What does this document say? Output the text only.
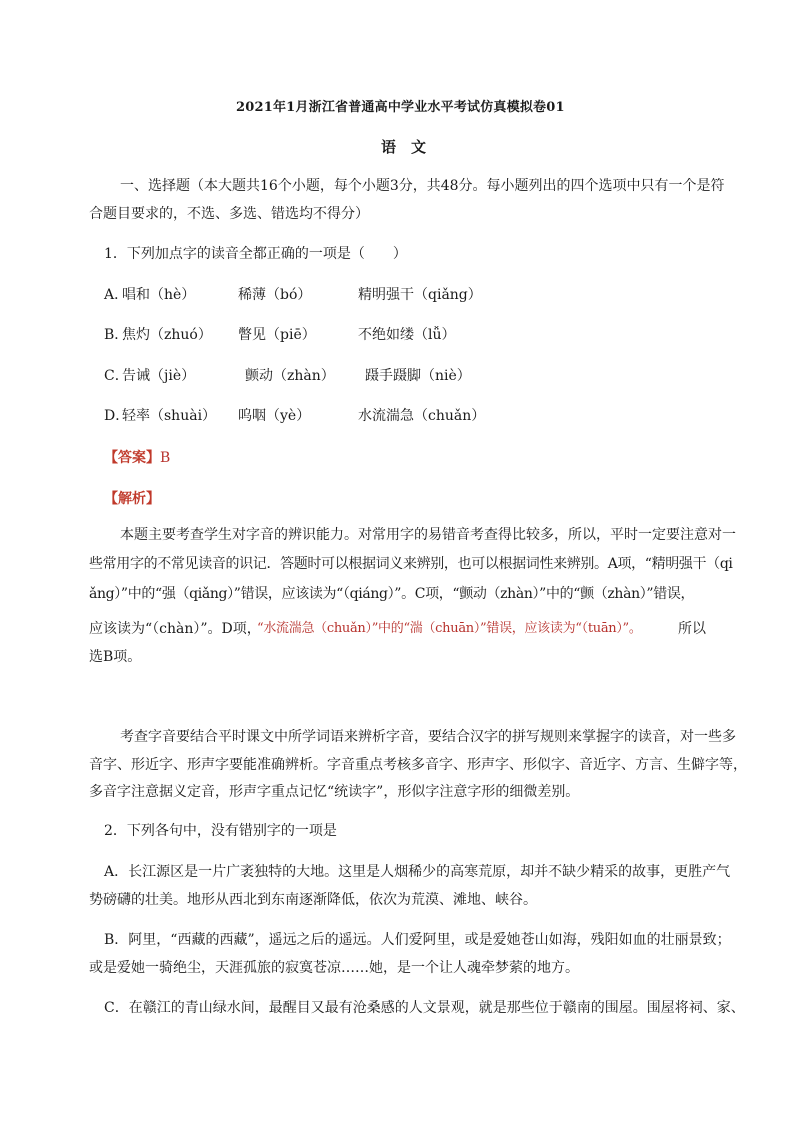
2021年1月浙江省普通高中学业水平考试仿真模拟卷01
语　文
一、选择题（本大题共16个小题，每个小题3分，共48分。每小题列出的四个选项中只有一个是符
合题目要求的，不选、多选、错选均不得分）
1．下列加点字的读音全都正确的一项是（　　）
A．
唱和（hè）	稀薄（bó）	精明强干（qiǎng）
B．
焦灼（zhuó） 瞥见（piē）	不绝如缕（lǚ）
C．
告诫（jiè）	颤动（zhàn） 蹑手蹑脚（niè）
D．
轻率（shuài） 呜咽（yè）	水流湍急（chuǎn）
【答案】B
【解析】
本题主要考查学生对字音的辨识能力。对常用字的易错音考查得比较多，所以，平时一定要注意对一
些常用字的不常见读音的识记．答题时可以根据词义来辨别，也可以根据词性来辨别。A项，“精明强干（qi
ǎng）”中的“强（qiǎng）”错误，应该读为“（qiáng）”。C项，“颤动（zhàn）”中的“颤（zhàn）”错误，
应该读为“（chàn）”。D项，
“水流湍急（chuǎn）”中的“湍（chuān）”错误，应该读为“（tuān）”。	所以
选B项。
考查字音要结合平时课文中所学词语来辨析字音，要结合汉字的拼写规则来掌握字的读音，对一些多
音字、形近字、形声字要能准确辨析。字音重点考核多音字、形声字、形似字、音近字、方言、生僻字等，
多音字注意据义定音，形声字重点记忆“统读字”，形似字注意字形的细微差别。
2．下列各句中，没有错别字的一项是
A．长江源区是一片广袤独特的大地。这里是人烟稀少的高寒荒原，却并不缺少精采的故事，更胜产气
势磅礴的壮美。地形从西北到东南逐渐降低，依次为荒漠、滩地、峡谷。
B．阿里，“西藏的西藏”，遥远之后的遥远。人们爱阿里，或是爱她苍山如海，残阳如血的壮丽景致；
或是爱她一骑绝尘，天涯孤旅的寂寞苍凉……她，是一个让人魂牵梦萦的地方。
C．在赣江的青山绿水间，最醒目又最有沧桑感的人文景观，就是那些位于赣南的围屋。围屋将祠、家、
